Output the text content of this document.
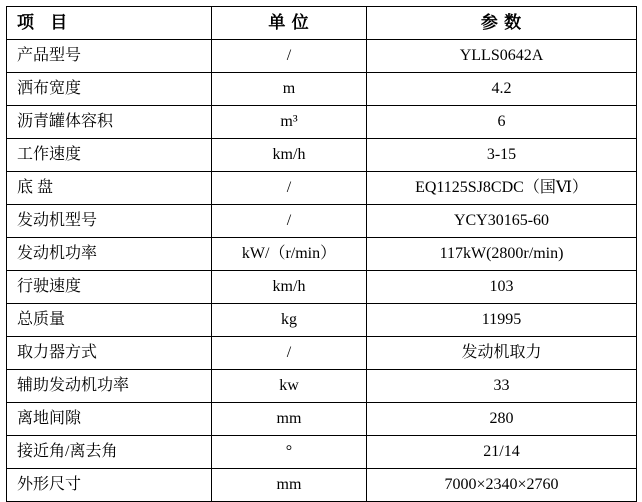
项 目	单 位	参 数
产品型号	/	YLLS0642A
洒布宽度	m	4.2
沥青罐体容积	m³	6
工作速度	km/h	3-15
底 盘	/	EQ1125SJ8CDC（国Ⅵ）
发动机型号	/	YCY30165-60
发动机功率	kW/（r/min）	117kW(2800r/min)
行驶速度	km/h	103
总质量	kg	11995
取力器方式	/	发动机取力
辅助发动机功率	kw	33
离地间隙	mm	280
接近角/离去角	°	21/14
外形尺寸	mm	7000×2340×2760
